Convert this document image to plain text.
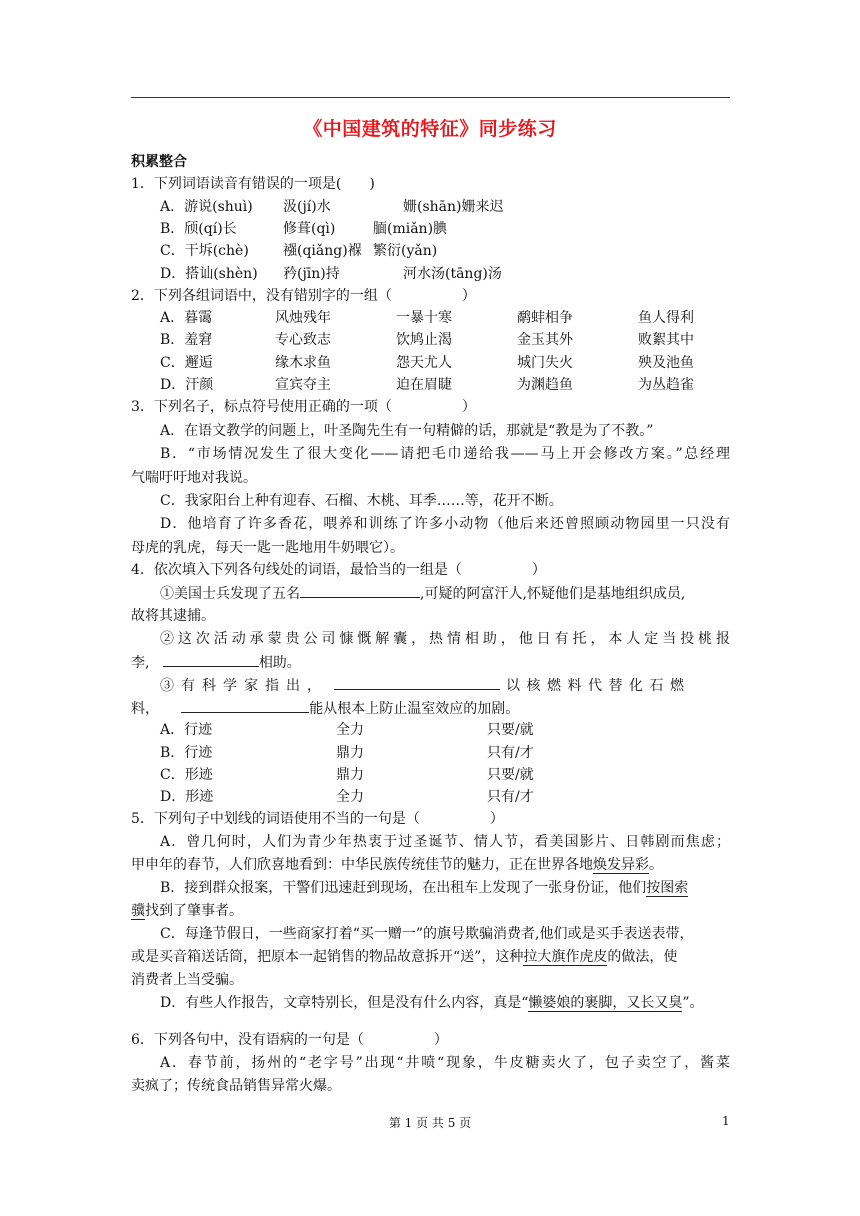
《中国建筑的特征》同步练习
积累整合
1．下列词语读音有错误的一项是(　　)
A．游说(shuì) 汲(jí)水	姗(shān)姗来迟
B．颀(qí)长	修葺(qì)	腼(miǎn)腆
C．干坼(chè) 襁(qiǎng)褓 繁衍(yǎn)
D．搭讪(shèn) 矜(jīn)持	河水汤(tāng)汤
2．下列各组词语中，没有错别字的一组（　　　　　）
A．暮霭	风烛残年	一暴十寒	鹬蚌相争	鱼人得利
B．羞窘	专心致志	饮鸠止渴	金玉其外	败絮其中
C．邂逅	缘木求鱼	怨天尤人	城门失火	殃及池鱼
D．汗颜	宣宾夺主	迫在眉睫	为渊趋鱼	为丛趋雀
3．下列名子，标点符号使用正确的一项（　　　　　）
A．在语文教学的问题上，叶圣陶先生有一句精僻的话，那就是“教是为了不教。”
B．“市场情况发生了很大变化——请把毛巾递给我——马上开会修改方案。”总经理
气喘吁吁地对我说。
C．我家阳台上种有迎春、石榴、木桃、耳季……等，花开不断。
D．他培育了许多香花，喂养和训练了许多小动物（他后来还曾照顾动物园里一只没有
母虎的乳虎，每天一匙一匙地用牛奶喂它）。
4．依次填入下列各句线处的词语，最恰当的一组是（　　　　　）
①美国士兵发现了五名	,可疑的阿富汗人,怀疑他们是基地组织成员,
故将其逮捕。
②这次活动承蒙贵公司慷慨解囊，热情相助，他日有托，本人定当投桃报
李,	相助。
③有科学家指出，	以核燃料代替化石燃
料，	能从根本上防止温室效应的加剧。
A．行迹	全力	只要/就
B．行迹	鼎力	只有/才
C．形迹	鼎力	只要/就
D．形迹	全力	只有/才
5．下列句子中划线的词语使用不当的一句是（　　　　　）
A．曾几何时，人们为青少年热衷于过圣诞节、情人节，看美国影片、日韩剧而焦虑；
甲申年的春节，人们欣喜地看到：中华民族传统佳节的魅力，正在世界各地焕发异彩。
B．接到群众报案，干警们迅速赶到现场，在出租车上发现了一张身份证，他们按图索
骥找到了肇事者。
C．每逢节假日，一些商家打着“买一赠一”的旗号欺骗消费者,他们或是买手表送表带，
或是买音箱送话筒，把原本一起销售的物品故意拆开“送”，这种拉大旗作虎皮的做法，使
消费者上当受骗。
D．有些人作报告，文章特别长，但是没有什么内容，真是“懒婆娘的裹脚，又长又臭”。
6．下列各句中，没有语病的一句是（　　　　　）
A．春节前，扬州的“老字号”出现“井喷“现象，牛皮糖卖火了，包子卖空了，酱菜
卖疯了；传统食品销售异常火爆。
第 1 页 共 5 页	1
